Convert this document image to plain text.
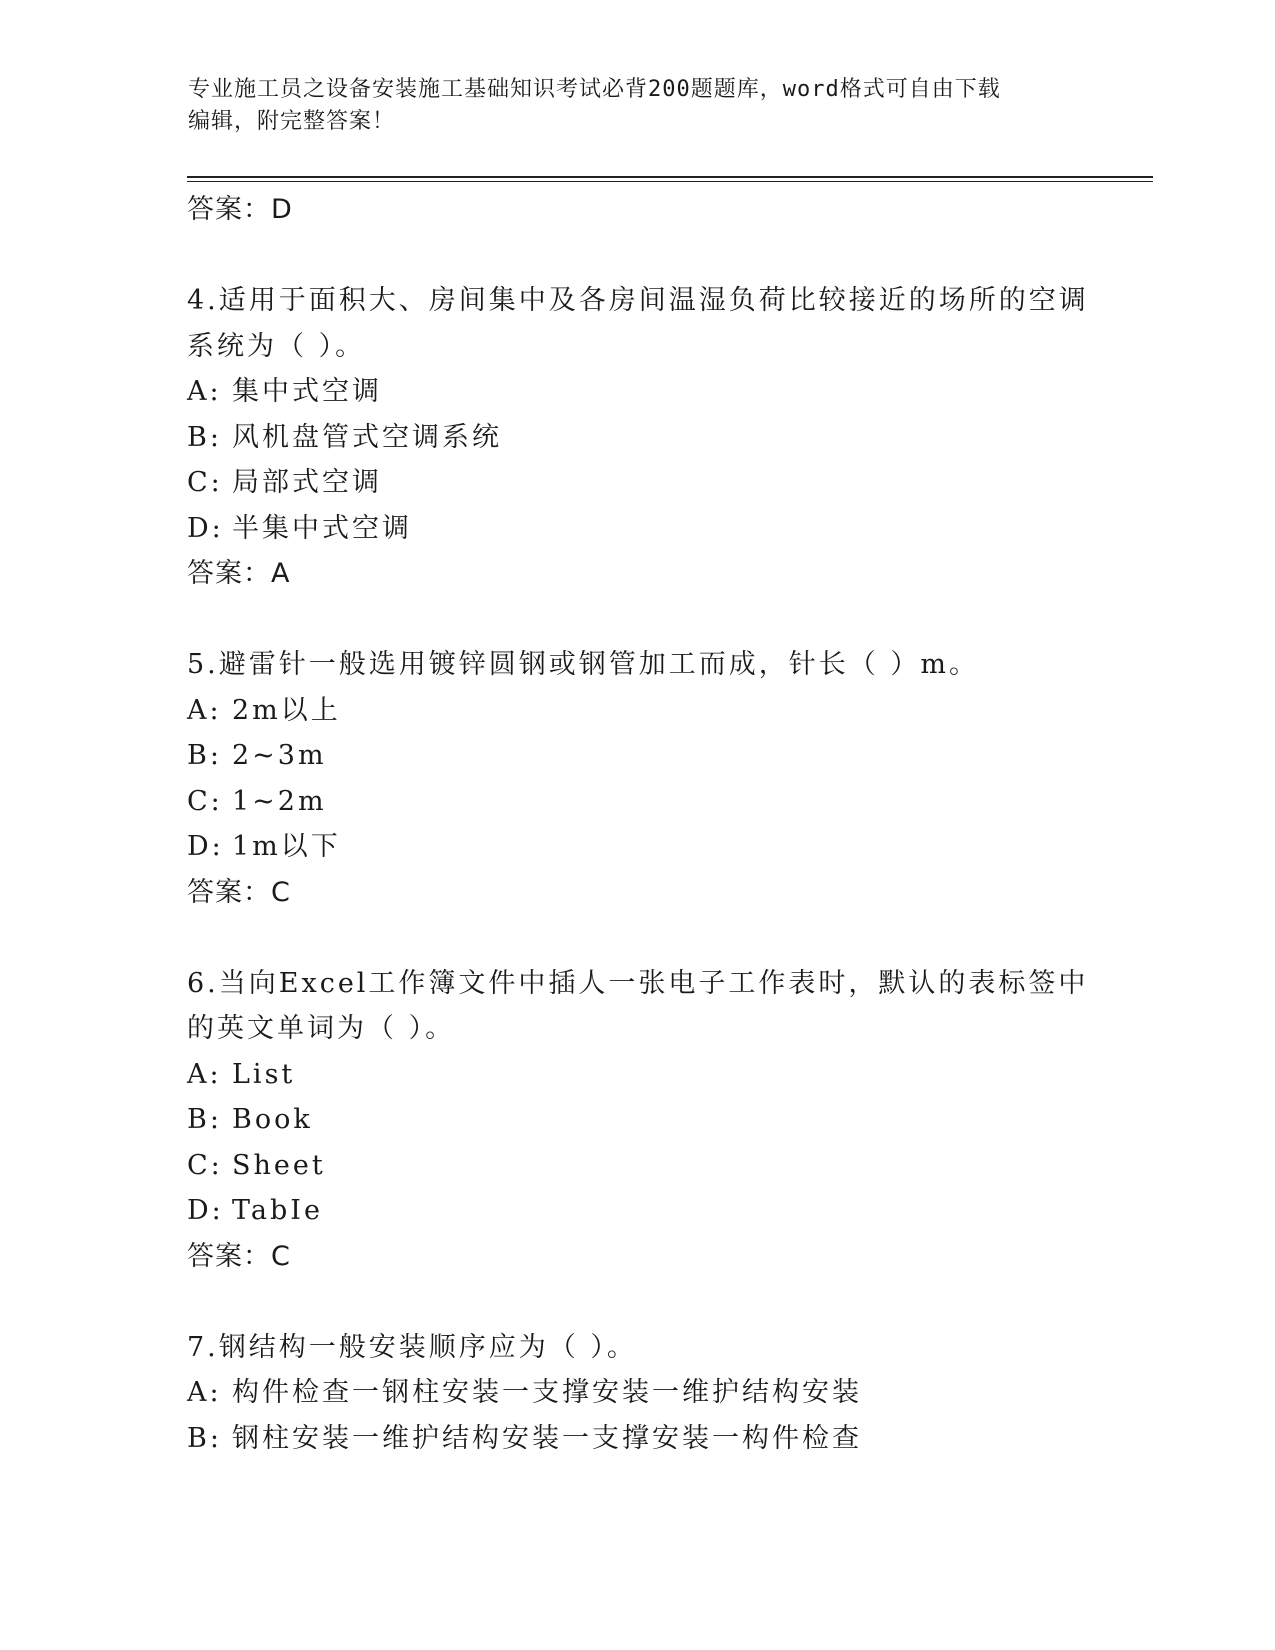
专业施工员之设备安装施工基础知识考试必背200题题库，word格式可自由下载
编辑，附完整答案！
答案：D
4.适用于面积大、房间集中及各房间温湿负荷比较接近的场所的空调
系统为（ ）。
A: 集中式空调
B: 风机盘管式空调系统
C: 局部式空调
D: 半集中式空调
答案：A
5.避雷针一般选用镀锌圆钢或钢管加工而成，针长（ ）m。
A: 2m以上
B: 2~3m
C: 1~2m
D: 1m以下
答案：C
6.当向Excel工作簿文件中插人一张电子工作表时，默认的表标签中
的英文单词为（ ）。
A: List
B: Book
C: Sheet
D: TabIe
答案：C
7.钢结构一般安装顺序应为（ ）。
A: 构件检查一钢柱安装一支撑安装一维护结构安装
B: 钢柱安装一维护结构安装一支撑安装一构件检查
